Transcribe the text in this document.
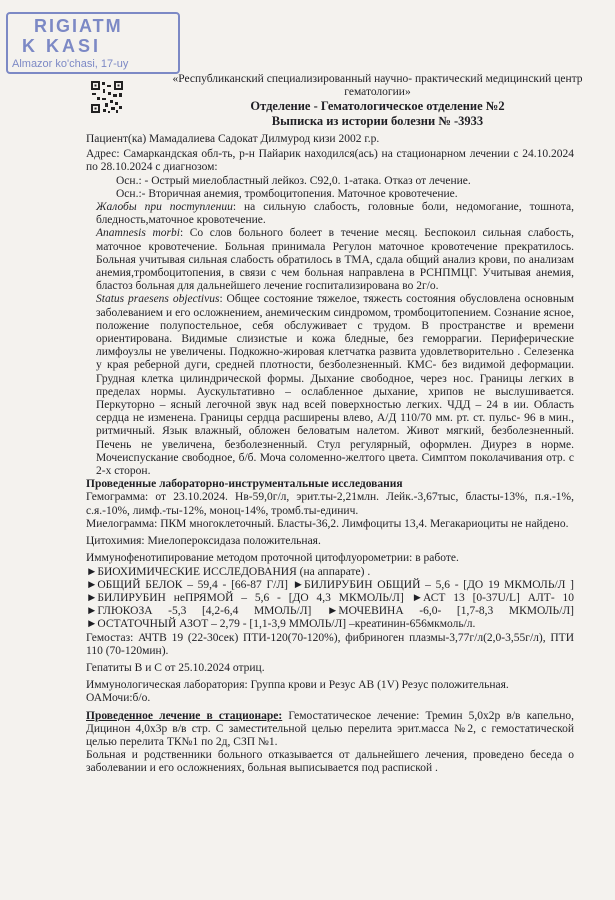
RIGIATM
K KASI
Almazor ko'chasi, 17-uy
«Республиканский специализированный научно- практический медицинский центр гематологии»
Отделение - Гематологическое отделение №2
Выписка из истории болезни № -3933

Пациент(ка) Мамадалиева Садокат Дилмурод кизи 2002 г.р.

Адрес: Самаркандская обл-ть, р-н Пайарик находился(ась) на стационарном лечении с 24.10.2024 по 28.10.2024 с диагнозом:

Осн.: - Острый миелобластный лейкоз. C92,0. 1-атака. Отказ от лечение.

Осн.:- Вторичная анемия, тромбоцитопения. Маточное кровотечение.

Жалобы при поступлении: на сильную слабость, головные боли, недомогание, тошнота, бледность,маточное кровотечение.

Anamnesis morbi: Со слов больного болеет в течение месяц. Беспокоил сильная слабость, маточное кровотечение. Больная принимала Регулон маточное кровотечение прекратилось. Больная учитывая сильная слабость обратилось в ТМА, сдала общий анализ крови, по анализам анемия,тромбоцитопения, в связи с чем больная направлена в РСНПМЦГ. Учитывая анемия, бластоз больная для дальнейшего лечение госпитализирована во 2г/о.

Status praesens objectivus: Общее состояние тяжелое, тяжесть состояния обусловлена основным заболеванием и его осложнением, анемическим синдромом, тромбоцитопением. Сознание ясное, положение полупостельное, себя обслуживает с трудом. В пространстве и времени ориентирована. Видимые слизистые и кожа бледные, без геморрагии. Периферические лимфоузлы не увеличены. Подкожно-жировая клетчатка развита удовлетворительно . Селезенка у края реберной дуги, средней плотности, безболезненный. КМС- без видимой деформации. Грудная клетка цилиндрической формы. Дыхание свободное, через нос. Границы легких в пределах нормы. Аускультативно – ослабленное дыхание, хрипов не выслушивается. Перкуторно – ясный легочной звук над всей поверхностью легких. ЧДД – 24 в ии. Область сердца не изменена. Границы сердца расширены влево, А/Д 110/70 мм. рт. ст. пульс- 96 в мин., ритмичный. Язык влажный, обложен беловатым налетом. Живот мягкий, безболезненный. Печень не увеличена, безболезненный. Стул регулярный, оформлен. Диурез в норме. Мочеиспускание свободное, б/б. Моча соломенно-желтого цвета. Симптом поколачивания отр. с 2-х сторон.

Проведенные лабораторно-инструментальные исследования

Гемограмма: от 23.10.2024. Нв-59,0г/л, эрит.ты-2,21млн. Лейк.-3,67тыс, бласты-13%, п.я.-1%, с.я.-10%, лимф.-ты-12%, моноц-14%, тромб.ты-единич.

Миелограмма: ПКМ многоклеточный. Бласты-36,2. Лимфоциты 13,4. Мегакариоциты не найдено.

Цитохимия: Миелопероксидаза положительная.

Иммунофенотипирование методом проточной цитофлуорометрии: в работе.

►БИОХИМИЧЕСКИЕ ИССЛЕДОВАНИЯ (на аппарате) .

►ОБЩИЙ БЕЛОК – 59,4 - [66-87 Г/Л] ►БИЛИРУБИН ОБЩИЙ – 5,6 - [ДО 19 МКМОЛЬ/Л ] ►БИЛИРУБИН неПРЯМОЙ – 5,6 - [ДО 4,3 МКМОЛЬ/Л] ►АСТ 13 [0-37U/L] АЛТ- 10 ►ГЛЮКОЗА -5,3 [4,2-6,4 ММОЛЬ/Л] ►МОЧЕВИНА -6,0- [1,7-8,3 МКМОЛЬ/Л] ►ОСТАТОЧНЫЙ АЗОТ – 2,79 - [1,1-3,9 ММОЛЬ/Л] –креатинин-656мкмоль/л.

Гемостаз: АЧТВ 19 (22-30сек) ПТИ-120(70-120%), фибриноген плазмы-3,77г/л(2,0-3,55г/л), ПТИ 110 (70-120мин).

Гепатиты В и С от 25.10.2024 отриц.

Иммунологическая лаборатория: Группа крови и Резус АВ (1V) Резус положительная.

ОАМочи:б/о.

Проведенное лечение в стационаре: Гемостатическое лечение: Тремин 5,0х2р в/в капельно, Дицинон 4,0х3р в/в стр. С заместительной целью перелита эрит.масса №2, с гемостатической целью перелита ТК№1 по 2д, СЗП №1.

Больная и родственники больного отказывается от дальнейшего лечения, проведено беседа о заболевании и его осложнениях, больная выписывается под распиской .
